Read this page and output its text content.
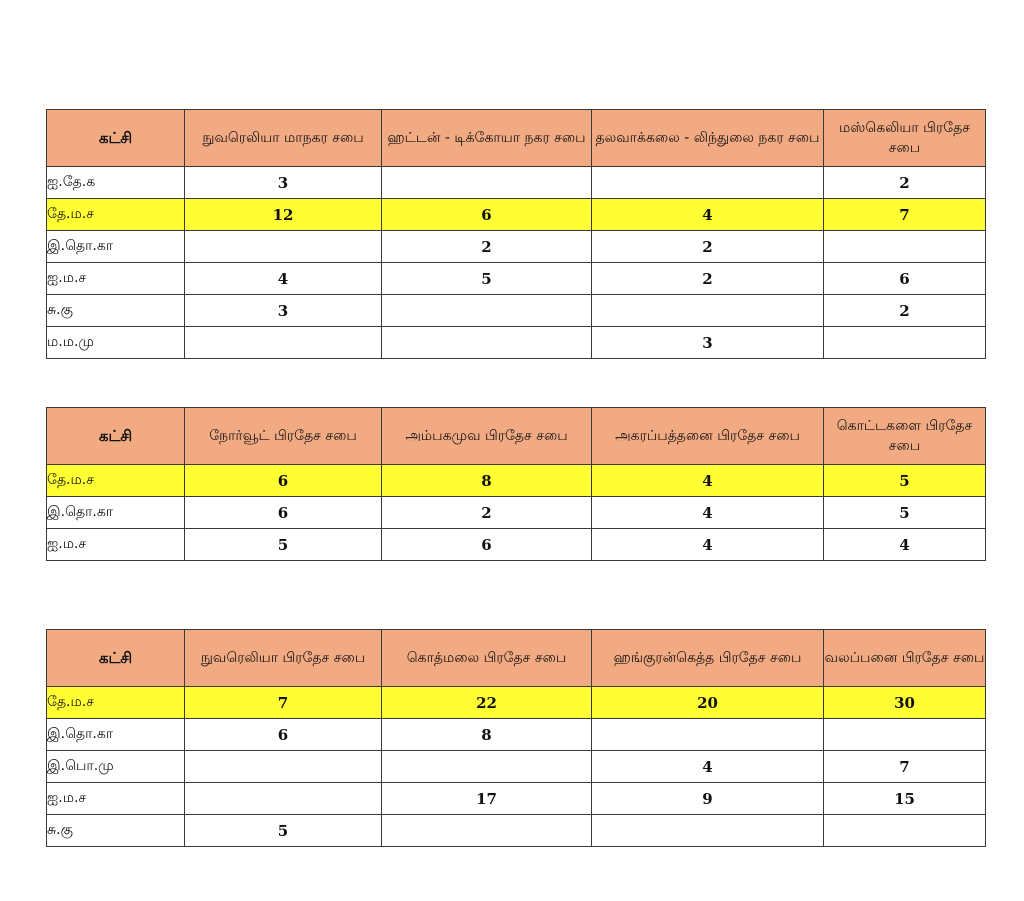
கட்சி	நுவரெலியா மாநகர சபை	ஹட்டன் - டிக்கோயா நகர சபை	தலவாக்கலை - லிந்துலை நகர சபை	மஸ்கெலியா பிரதேச சபை
ஐ.தே.க	3			2
தே.ம.ச	12	6	4	7
இ.தொ.கா		2	2	
ஐ.ம.ச	4	5	2	6
சு.கு	3			2
ம.ம.மு			3	
கட்சி	நோர்வூட் பிரதேச சபை	அம்பகமுவ பிரதேச சபை	அகரப்பத்தனை பிரதேச சபை	கொட்டகளை பிரதேச சபை
தே.ம.ச	6	8	4	5
இ.தொ.கா	6	2	4	5
ஐ.ம.ச	5	6	4	4
கட்சி	நுவரெலியா பிரதேச சபை	கொத்மலை பிரதேச சபை	ஹங்குரன்கெத்த பிரதேச சபை	வலப்பனை பிரதேச சபை
தே.ம.ச	7	22	20	30
இ.தொ.கா	6	8		
இ.பொ.மு			4	7
ஐ.ம.ச		17	9	15
சு.கு	5			
